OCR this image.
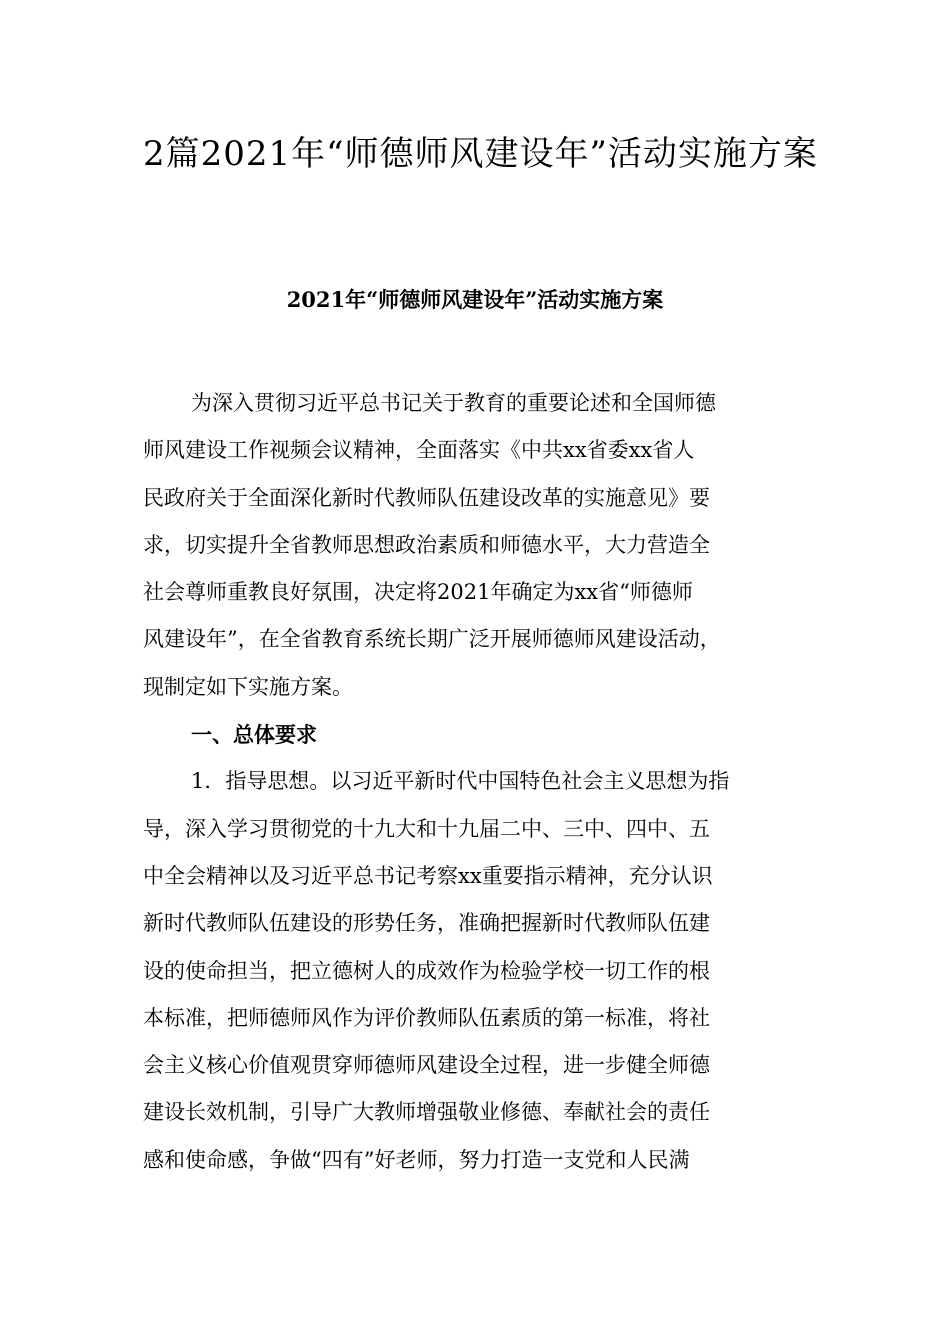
2篇2021年“师德师风建设年”活动实施方案
2021年“师德师风建设年”活动实施方案
为深入贯彻习近平总书记关于教育的重要论述和全国师德
师风建设工作视频会议精神，全面落实《中共xx省委xx省人
民政府关于全面深化新时代教师队伍建设改革的实施意见》要
求，切实提升全省教师思想政治素质和师德水平，大力营造全
社会尊师重教良好氛围，决定将2021年确定为xx省“师德师
风建设年”，在全省教育系统长期广泛开展师德师风建设活动，
现制定如下实施方案。
一、总体要求
1．指导思想。以习近平新时代中国特色社会主义思想为指
导，深入学习贯彻党的十九大和十九届二中、三中、四中、五
中全会精神以及习近平总书记考察xx重要指示精神，充分认识
新时代教师队伍建设的形势任务，准确把握新时代教师队伍建
设的使命担当，把立德树人的成效作为检验学校一切工作的根
本标准，把师德师风作为评价教师队伍素质的第一标准，将社
会主义核心价值观贯穿师德师风建设全过程，进一步健全师德
建设长效机制，引导广大教师增强敬业修德、奉献社会的责任
感和使命感，争做“四有”好老师，努力打造一支党和人民满
